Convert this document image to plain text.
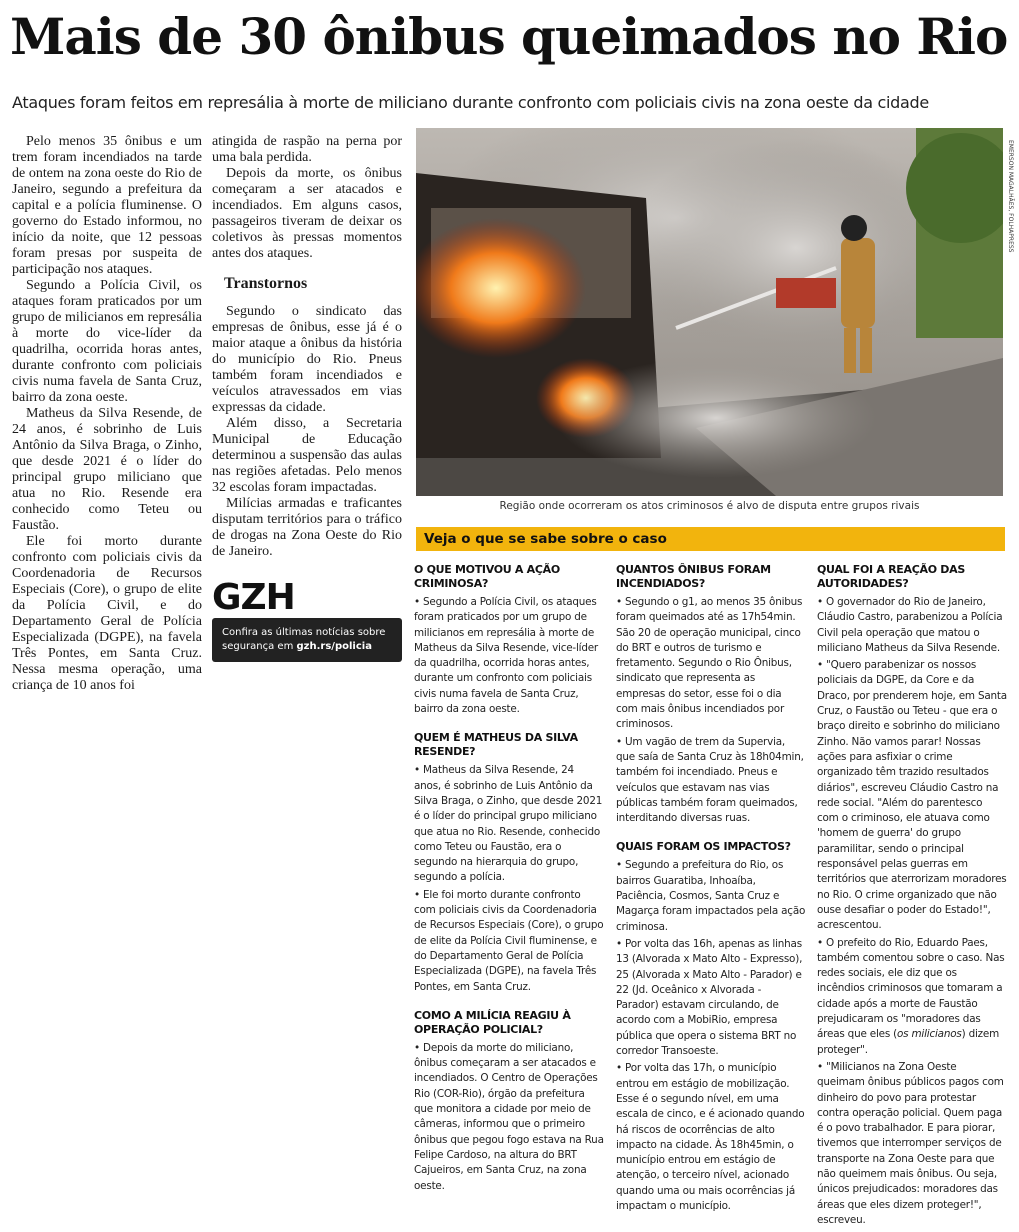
Mais de 30 ônibus queimados no Rio
Ataques foram feitos em represália à morte de miliciano durante confronto com policiais civis na zona oeste da cidade

Pelo menos 35 ônibus e um trem foram incendiados na tarde de ontem na zona oeste do Rio de Janeiro, segundo a prefeitura da capital e a polícia fluminense. O governo do Estado informou, no início da noite, que 12 pessoas foram presas por suspeita de participação nos ataques.

Segundo a Polícia Civil, os ataques foram praticados por um grupo de milicianos em represália à morte do vice-líder da quadrilha, ocorrida horas antes, durante confronto com policiais civis numa favela de Santa Cruz, bairro da zona oeste.

Matheus da Silva Resende, de 24 anos, é sobrinho de Luis Antônio da Silva Braga, o Zinho, que desde 2021 é o líder do principal grupo miliciano que atua no Rio. Resende era conhecido como Teteu ou Faustão.

Ele foi morto durante confronto com policiais civis da Coordenadoria de Recursos Especiais (Core), o grupo de elite da Polícia Civil, e do Departamento Geral de Polícia Especializada (DGPE), na favela Três Pontes, em Santa Cruz. Nessa mesma operação, uma criança de 10 anos foi

atingida de raspão na perna por uma bala perdida.

Depois da morte, os ônibus começaram a ser atacados e incendiados. Em alguns casos, passageiros tiveram de deixar os coletivos às pressas momentos antes dos ataques.

Transtornos

Segundo o sindicato das empresas de ônibus, esse já é o maior ataque a ônibus da história do município do Rio. Pneus também foram incendiados e veículos atravessados em vias expressas da cidade.

Além disso, a Secretaria Municipal de Educação determinou a suspensão das aulas nas regiões afetadas. Pelo menos 32 escolas foram impactadas.

Milícias armadas e traficantes disputam territórios para o tráfico de drogas na Zona Oeste do Rio de Janeiro.

GZH
Confira as últimas notícias sobre segurança em gzh.rs/policia
EMERSON MAGALHÃES, FOLHAPRESS
Região onde ocorreram os atos criminosos é alvo de disputa entre grupos rivais
Veja o que se sabe sobre o caso
O QUE MOTIVOU A AÇÃO CRIMINOSA?

• Segundo a Polícia Civil, os ataques foram praticados por um grupo de milicianos em represália à morte de Matheus da Silva Resende, vice-líder da quadrilha, ocorrida horas antes, durante um confronto com policiais civis numa favela de Santa Cruz, bairro da zona oeste.

QUEM É MATHEUS DA SILVA RESENDE?

• Matheus da Silva Resende, 24 anos, é sobrinho de Luis Antônio da Silva Braga, o Zinho, que desde 2021 é o líder do principal grupo miliciano que atua no Rio. Resende, conhecido como Teteu ou Faustão, era o segundo na hierarquia do grupo, segundo a polícia.

• Ele foi morto durante confronto com policiais civis da Coordenadoria de Recursos Especiais (Core), o grupo de elite da Polícia Civil fluminense, e do Departamento Geral de Polícia Especializada (DGPE), na favela Três Pontes, em Santa Cruz.

COMO A MILÍCIA REAGIU À OPERAÇÃO POLICIAL?

• Depois da morte do miliciano, ônibus começaram a ser atacados e incendiados. O Centro de Operações Rio (COR-Rio), órgão da prefeitura que monitora a cidade por meio de câmeras, informou que o primeiro ônibus que pegou fogo estava na Rua Felipe Cardoso, na altura do BRT Cajueiros, em Santa Cruz, na zona oeste.

QUANTOS ÔNIBUS FORAM INCENDIADOS?

• Segundo o g1, ao menos 35 ônibus foram queimados até as 17h54min. São 20 de operação municipal, cinco do BRT e outros de turismo e fretamento. Segundo o Rio Ônibus, sindicato que representa as empresas do setor, esse foi o dia com mais ônibus incendiados por criminosos.

• Um vagão de trem da Supervia, que saía de Santa Cruz às 18h04min, também foi incendiado. Pneus e veículos que estavam nas vias públicas também foram queimados, interditando diversas ruas.

QUAIS FORAM OS IMPACTOS?

• Segundo a prefeitura do Rio, os bairros Guaratiba, Inhoaíba, Paciência, Cosmos, Santa Cruz e Magarça foram impactados pela ação criminosa.

• Por volta das 16h, apenas as linhas 13 (Alvorada x Mato Alto - Expresso), 25 (Alvorada x Mato Alto - Parador) e 22 (Jd. Oceânico x Alvorada - Parador) estavam circulando, de acordo com a MobiRio, empresa pública que opera o sistema BRT no corredor Transoeste.

• Por volta das 17h, o município entrou em estágio de mobilização. Esse é o segundo nível, em uma escala de cinco, e é acionado quando há riscos de ocorrências de alto impacto na cidade. Às 18h45min, o município entrou em estágio de atenção, o terceiro nível, acionado quando uma ou mais ocorrências já impactam o município.

QUAL FOI A REAÇÃO DAS AUTORIDADES?

• O governador do Rio de Janeiro, Cláudio Castro, parabenizou a Polícia Civil pela operação que matou o miliciano Matheus da Silva Resende.

• "Quero parabenizar os nossos policiais da DGPE, da Core e da Draco, por prenderem hoje, em Santa Cruz, o Faustão ou Teteu - que era o braço direito e sobrinho do miliciano Zinho. Não vamos parar! Nossas ações para asfixiar o crime organizado têm trazido resultados diários", escreveu Cláudio Castro na rede social. "Além do parentesco com o criminoso, ele atuava como 'homem de guerra' do grupo paramilitar, sendo o principal responsável pelas guerras em territórios que aterrorizam moradores no Rio. O crime organizado que não ouse desafiar o poder do Estado!", acrescentou.

• O prefeito do Rio, Eduardo Paes, também comentou sobre o caso. Nas redes sociais, ele diz que os incêndios criminosos que tomaram a cidade após a morte de Faustão prejudicaram os "moradores das áreas que eles (os milicianos) dizem proteger".

• "Milicianos na Zona Oeste queimam ônibus públicos pagos com dinheiro do povo para protestar contra operação policial. Quem paga é o povo trabalhador. E para piorar, tivemos que interromper serviços de transporte na Zona Oeste para que não queimem mais ônibus. Ou seja, únicos prejudicados: moradores das áreas que eles dizem proteger!", escreveu.
